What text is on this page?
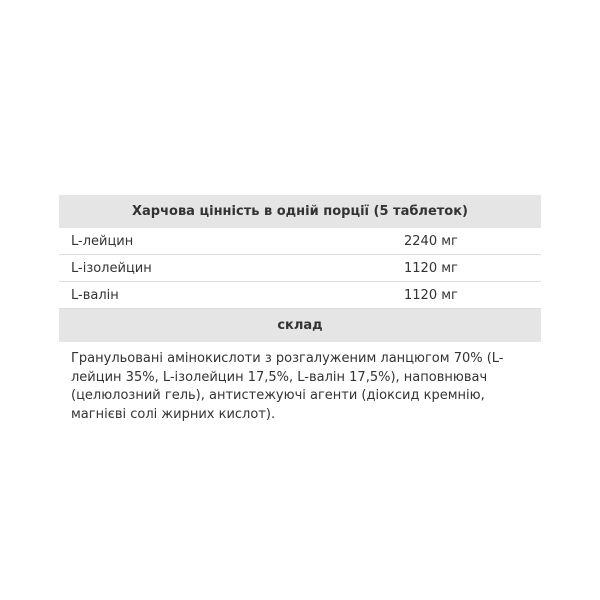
Харчова цінність в одній порції (5 таблеток)
L-лейцин	2240 мг
L-ізолейцин	1120 мг
L-валін	1120 мг
склад
Гранульовані амінокислоти з розгалуженим ланцюгом 70% (L-лейцин 35%, L-ізолейцин 17,5%, L-валін 17,5%), наповнювач (целюлозний гель), антистежуючі агенти (діоксид кремнію, магнієві солі жирних кислот).
